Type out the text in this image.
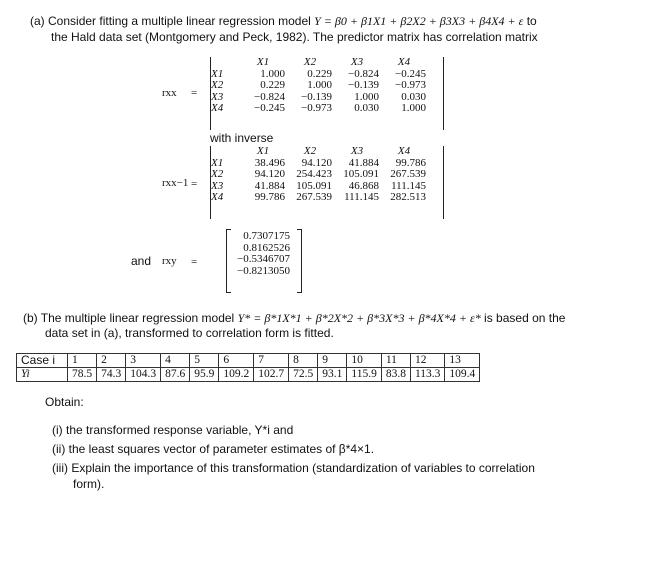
(a) Consider fitting a multiple linear regression model Y = β0 + β1X1 + β2X2 + β3X3 + β4X4 + ε to
the Hald data set (Montgomery and Peck, 1982). The predictor matrix has correlation matrix
rxx =
	X1	X2	X3	X4
X1	1.000	0.229	−0.824	−0.245
X2	0.229	1.000	−0.139	−0.973
X3	−0.824	−0.139	1.000	0.030
X4	−0.245	−0.973	0.030	1.000
with inverse
rxx−1 =
	X1	X2	X3	X4
X1	38.496	94.120	41.884	99.786
X2	94.120	254.423	105.091	267.539
X3	41.884	105.091	46.868	111.145
X4	99.786	267.539	111.145	282.513
and rxy =
0.7307175
0.8162526
−0.5346707
−0.8213050
(b) The multiple linear regression model Y* = β*1X*1 + β*2X*2 + β*3X*3 + β*4X*4 + ε* is based on the
data set in (a), transformed to correlation form is fitted.
Case i	1	2	3	4	5	6	7	8	9	10	11	12	13
Yi	78.5	74.3	104.3	87.6	95.9	109.2	102.7	72.5	93.1	115.9	83.8	113.3	109.4
Obtain:
(i) the transformed response variable, Y*i and
(ii) the least squares vector of parameter estimates of β*4×1.
(iii) Explain the importance of this transformation (standardization of variables to correlation
form).
